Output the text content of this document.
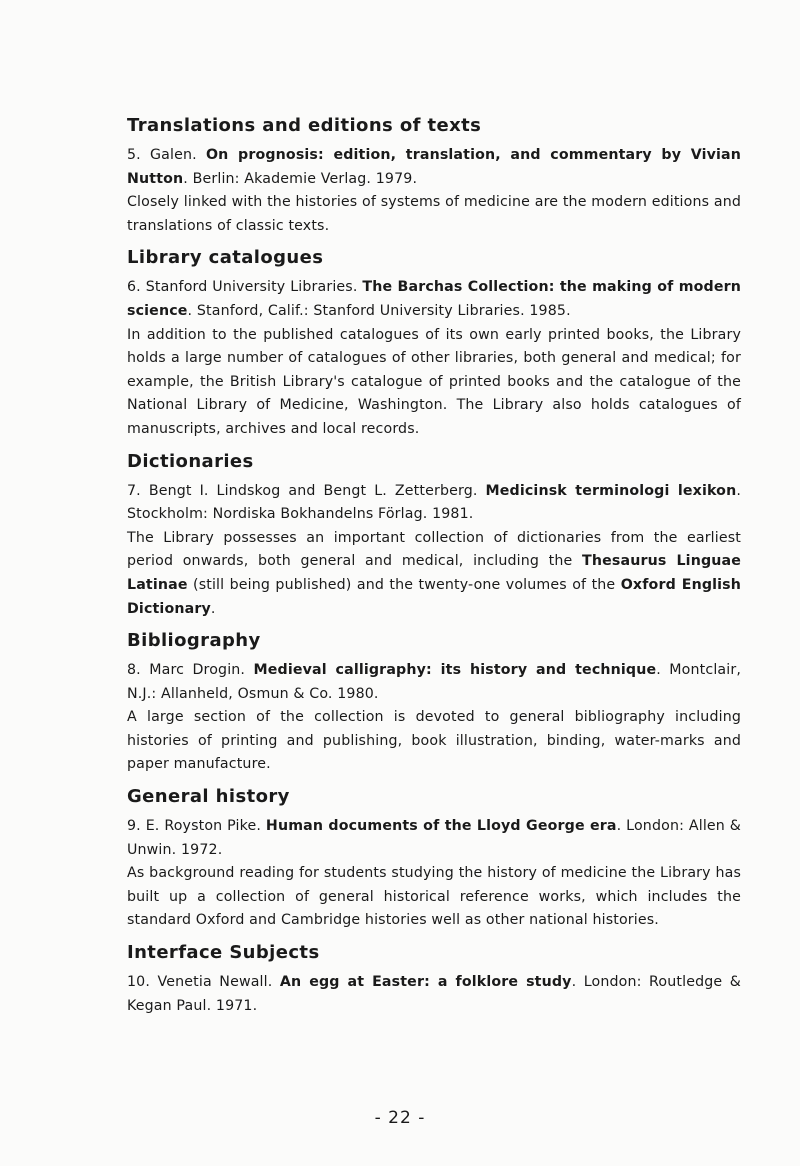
Translations and editions of texts

5. Galen. On prognosis: edition, translation, and commentary by Vivian Nutton. Berlin: Akademie Verlag. 1979.

Closely linked with the histories of systems of medicine are the modern editions and translations of classic texts.

Library catalogues

6. Stanford University Libraries. The Barchas Collection: the making of modern science. Stanford, Calif.: Stanford University Libraries. 1985.

In addition to the published catalogues of its own early printed books, the Library holds a large number of catalogues of other libraries, both general and medical; for example, the British Library's catalogue of printed books and the catalogue of the National Library of Medicine, Washington. The Library also holds catalogues of manuscripts, archives and local records.

Dictionaries

7. Bengt I. Lindskog and Bengt L. Zetterberg. Medicinsk terminologi lexikon. Stockholm: Nordiska Bokhandelns Förlag. 1981.

The Library possesses an important collection of dictionaries from the earliest period onwards, both general and medical, including the Thesaurus Linguae Latinae (still being published) and the twenty-one volumes of the Oxford English Dictionary.

Bibliography

8. Marc Drogin. Medieval calligraphy: its history and technique. Montclair, N.J.: Allanheld, Osmun & Co. 1980.

A large section of the collection is devoted to general bibliography including histories of printing and publishing, book illustration, binding, water-marks and paper manufacture.

General history

9. E. Royston Pike. Human documents of the Lloyd George era. London: Allen & Unwin. 1972.

As background reading for students studying the history of medicine the Library has built up a collection of general historical reference works, which includes the standard Oxford and Cambridge histories well as other national histories.

Interface Subjects

10. Venetia Newall. An egg at Easter: a folklore study. London: Routledge & Kegan Paul. 1971.

- 22 -
